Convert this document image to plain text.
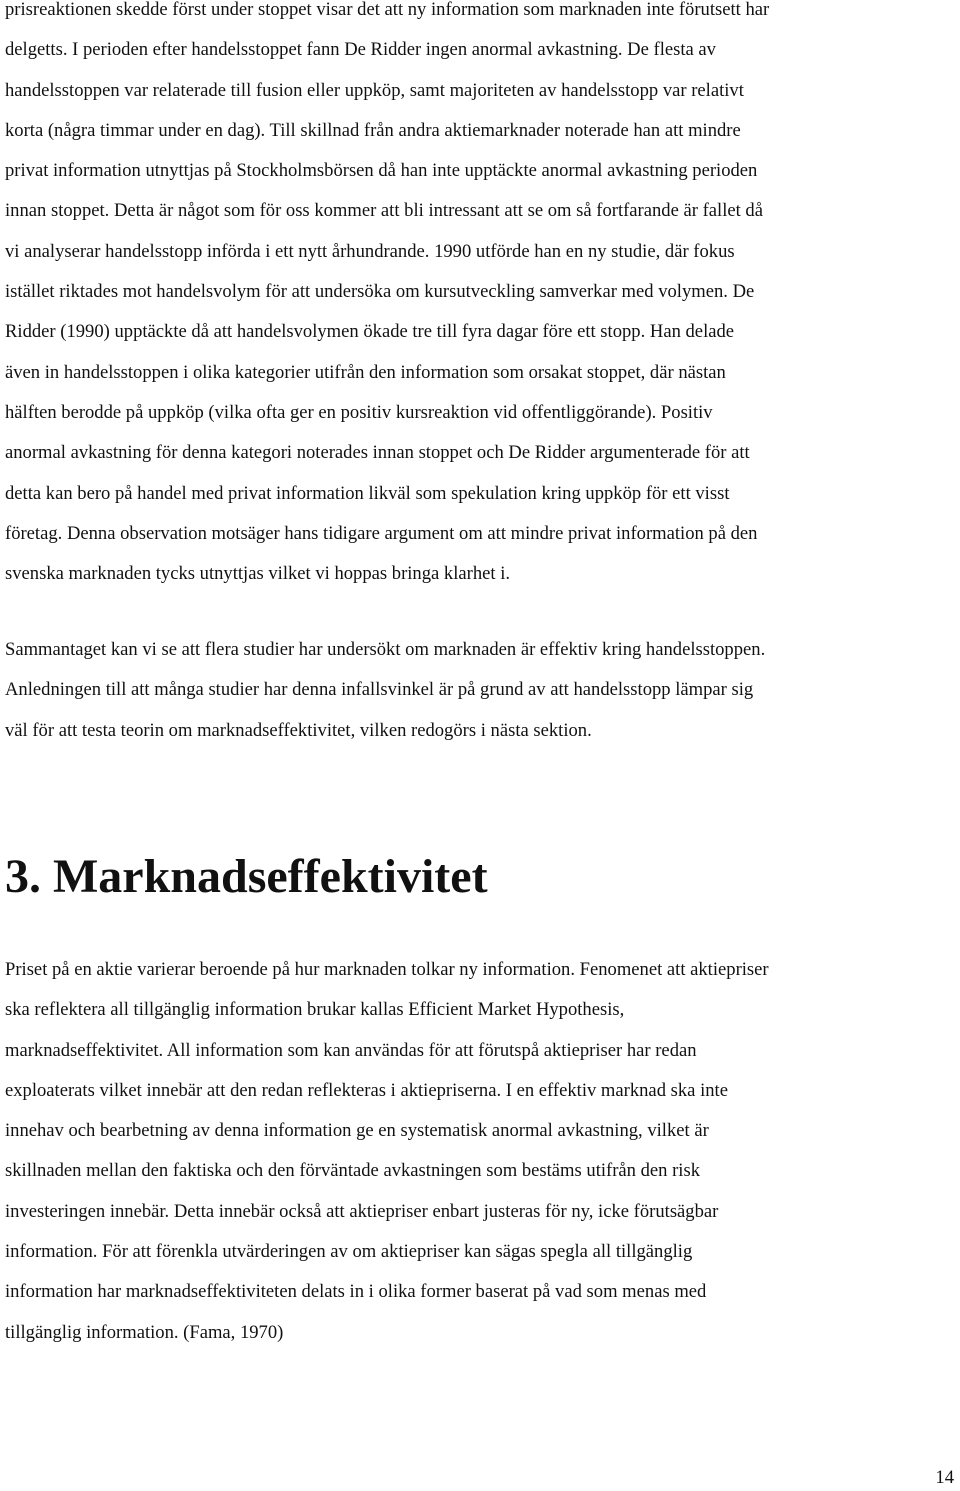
prisreaktionen skedde först under stoppet visar det att ny information som marknaden inte förutsett har
delgetts. I perioden efter handelsstoppet fann De Ridder ingen anormal avkastning. De flesta av
handelsstoppen var relaterade till fusion eller uppköp, samt majoriteten av handelsstopp var relativt
korta (några timmar under en dag). Till skillnad från andra aktiemarknader noterade han att mindre
privat information utnyttjas på Stockholmsbörsen då han inte upptäckte anormal avkastning perioden
innan stoppet. Detta är något som för oss kommer att bli intressant att se om så fortfarande är fallet då
vi analyserar handelsstopp införda i ett nytt århundrande. 1990 utförde han en ny studie, där fokus
istället riktades mot handelsvolym för att undersöka om kursutveckling samverkar med volymen. De
Ridder (1990) upptäckte då att handelsvolymen ökade tre till fyra dagar före ett stopp. Han delade
även in handelsstoppen i olika kategorier utifrån den information som orsakat stoppet, där nästan
hälften berodde på uppköp (vilka ofta ger en positiv kursreaktion vid offentliggörande). Positiv
anormal avkastning för denna kategori noterades innan stoppet och De Ridder argumenterade för att
detta kan bero på handel med privat information likväl som spekulation kring uppköp för ett visst
företag. Denna observation motsäger hans tidigare argument om att mindre privat information på den
svenska marknaden tycks utnyttjas vilket vi hoppas bringa klarhet i.
Sammantaget kan vi se att flera studier har undersökt om marknaden är effektiv kring handelsstoppen.
Anledningen till att många studier har denna infallsvinkel är på grund av att handelsstopp lämpar sig
väl för att testa teorin om marknadseffektivitet, vilken redogörs i nästa sektion.
3. Marknadseffektivitet
Priset på en aktie varierar beroende på hur marknaden tolkar ny information. Fenomenet att aktiepriser
ska reflektera all tillgänglig information brukar kallas Efficient Market Hypothesis,
marknadseffektivitet. All information som kan användas för att förutspå aktiepriser har redan
exploaterats vilket innebär att den redan reflekteras i aktiepriserna. I en effektiv marknad ska inte
innehav och bearbetning av denna information ge en systematisk anormal avkastning, vilket är
skillnaden mellan den faktiska och den förväntade avkastningen som bestäms utifrån den risk
investeringen innebär. Detta innebär också att aktiepriser enbart justeras för ny, icke förutsägbar
information. För att förenkla utvärderingen av om aktiepriser kan sägas spegla all tillgänglig
information har marknadseffektiviteten delats in i olika former baserat på vad som menas med
tillgänglig information. (Fama, 1970)
14
